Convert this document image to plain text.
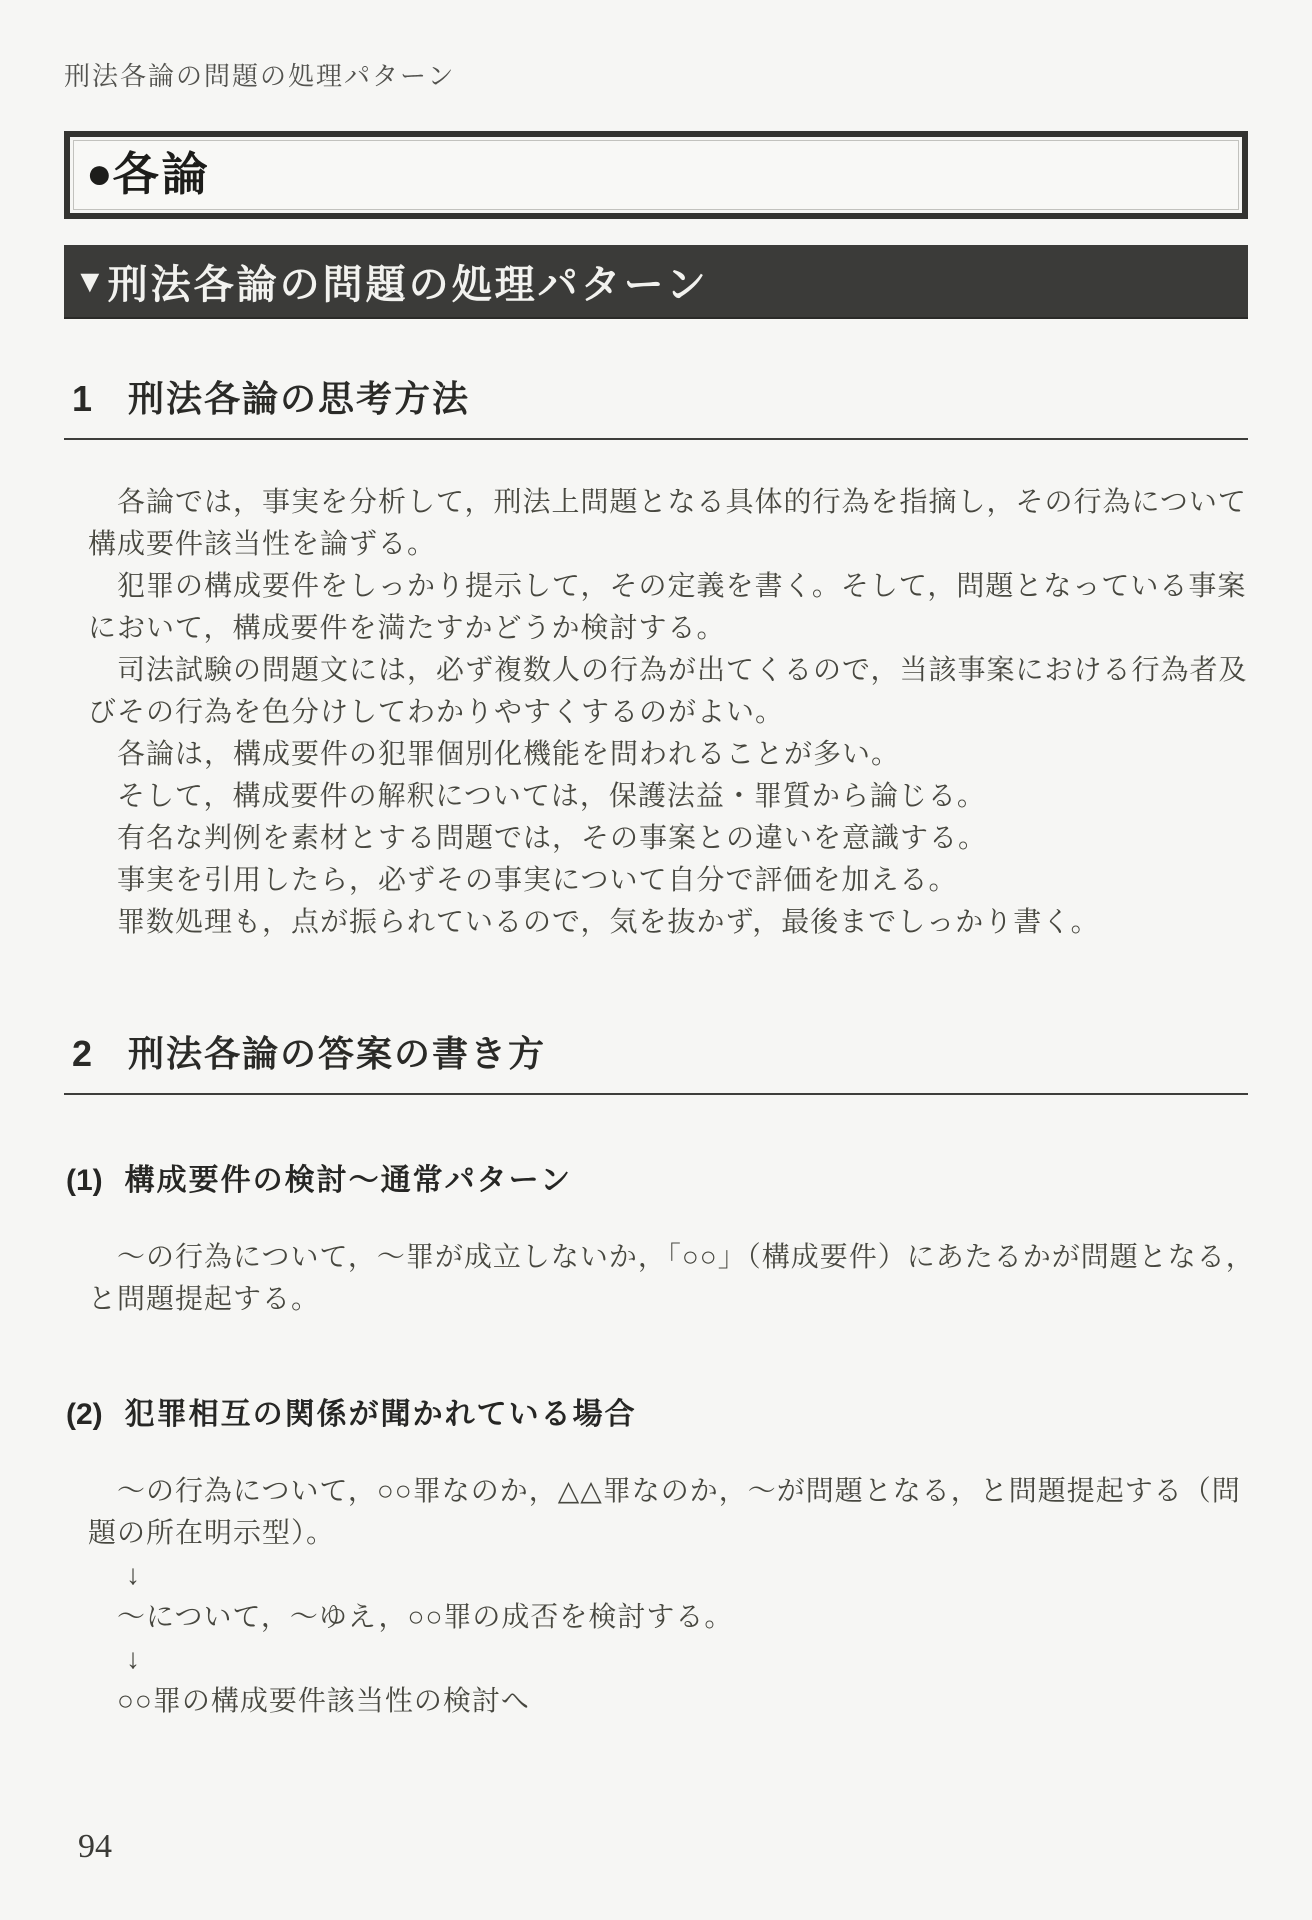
刑法各論の問題の処理パターン
● 各論
▼ 刑法各論の問題の処理パターン
1 刑法各論の思考方法
各論では，事実を分析して，刑法上問題となる具体的行為を指摘し，その行為について
構成要件該当性を論ずる。
犯罪の構成要件をしっかり提示して，その定義を書く。そして，問題となっている事案
において，構成要件を満たすかどうか検討する。
司法試験の問題文には，必ず複数人の行為が出てくるので，当該事案における行為者及
びその行為を色分けしてわかりやすくするのがよい。
各論は，構成要件の犯罪個別化機能を問われることが多い。
そして，構成要件の解釈については，保護法益・罪質から論じる。
有名な判例を素材とする問題では，その事案との違いを意識する。
事実を引用したら，必ずその事実について自分で評価を加える。
罪数処理も，点が振られているので，気を抜かず，最後までしっかり書く。
2 刑法各論の答案の書き方
(1) 構成要件の検討～通常パターン
～の行為について，～罪が成立しないか，「○○」（構成要件）にあたるかが問題となる，
と問題提起する。
(2) 犯罪相互の関係が聞かれている場合
～の行為について，○○罪なのか，△△罪なのか，～が問題となる，と問題提起する（問
題の所在明示型）。
↓
～について，～ゆえ，○○罪の成否を検討する。
↓
○○罪の構成要件該当性の検討へ
94
